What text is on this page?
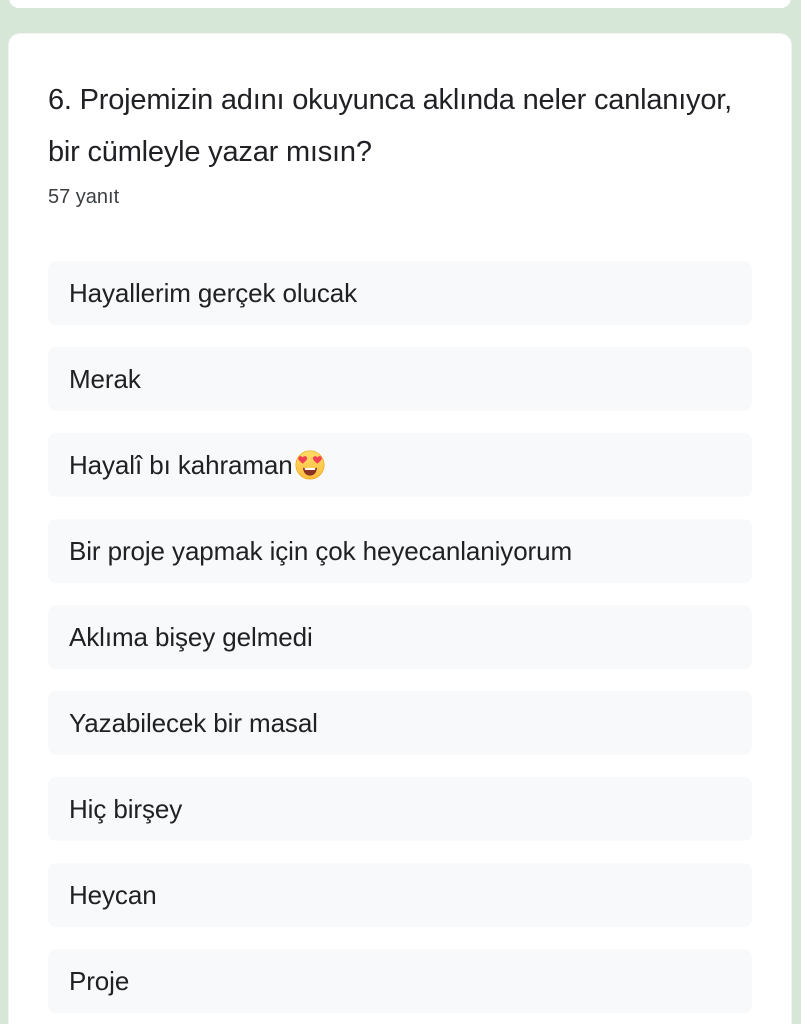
6. Projemizin adını okuyunca aklında neler canlanıyor, bir cümleyle yazar mısın?
57 yanıt
Hayallerim gerçek olucak
Merak
Hayalî bı kahraman
Bir proje yapmak için çok heyecanlaniyorum
Aklıma bişey gelmedi
Yazabilecek bir masal
Hiç birşey
Heycan
Proje
